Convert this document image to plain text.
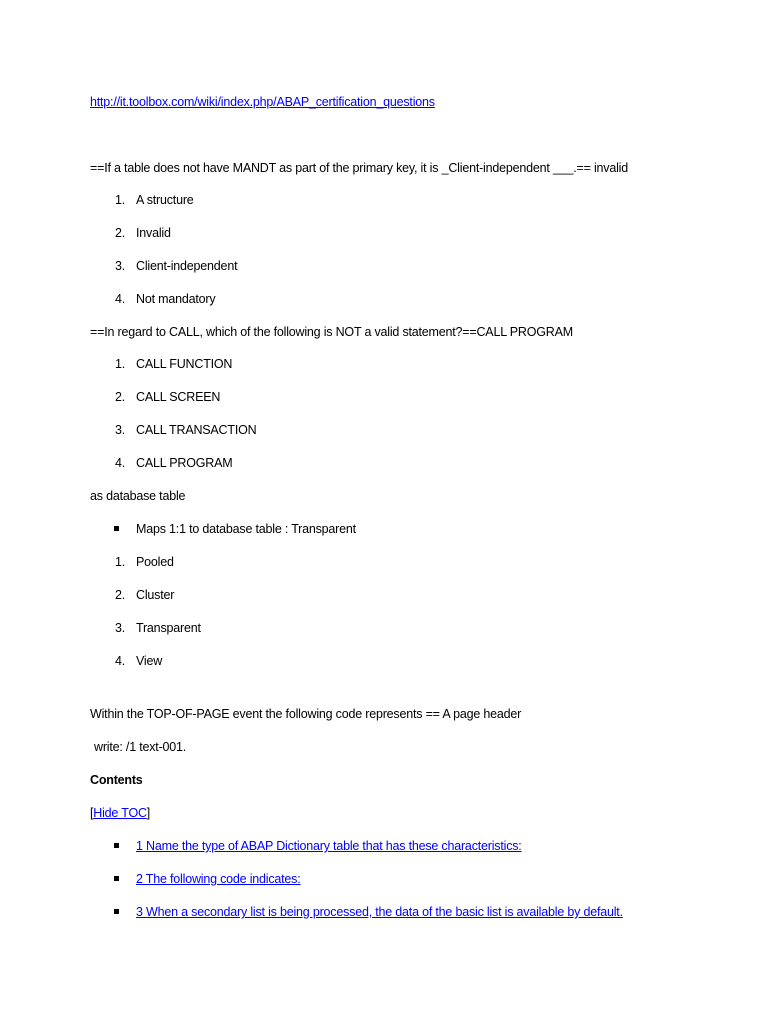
http://it.toolbox.com/wiki/index.php/ABAP_certification_questions
==If a table does not have MANDT as part of the primary key, it is _Client-independent ___.== invalid
1. A structure
2. Invalid
3. Client-independent
4. Not mandatory
==In regard to CALL, which of the following is NOT a valid statement?==CALL PROGRAM
1. CALL FUNCTION
2. CALL SCREEN
3. CALL TRANSACTION
4. CALL PROGRAM
as database table
Maps 1:1 to database table : Transparent
1. Pooled
2. Cluster
3. Transparent
4. View
Within the TOP-OF-PAGE event the following code represents == A page header
write: /1 text-001.
Contents
[Hide TOC]
1 Name the type of ABAP Dictionary table that has these characteristics:
2 The following code indicates:
3 When a secondary list is being processed, the data of the basic list is available by default.
